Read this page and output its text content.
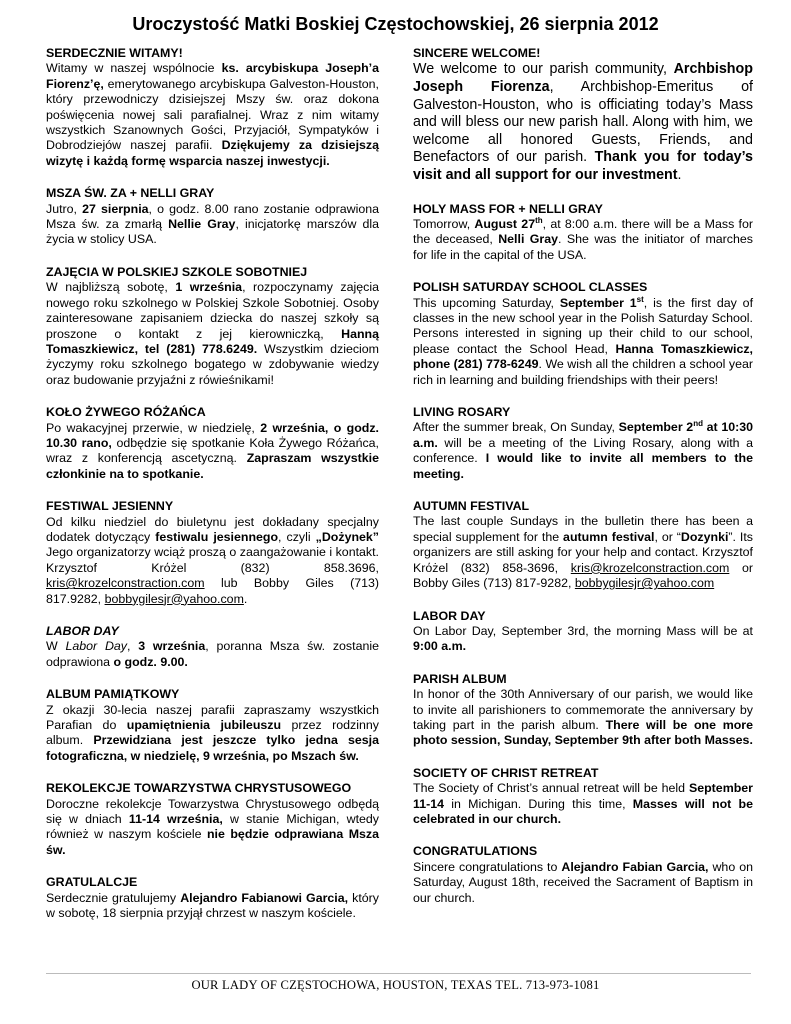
Uroczystość Matki Boskiej Częstochowskiej, 26 sierpnia 2012
SERDECZNIE WITAMY!
Witamy w naszej wspólnocie ks. arcybiskupa Joseph’a Fiorenz’ę, emerytowanego arcybiskupa Galveston-Houston, który przewodniczy dzisiejszej Mszy św. oraz dokona poświęcenia nowej sali parafialnej. Wraz z nim witamy wszystkich Szanownych Gości, Przyjaciół, Sympatyków i Dobrodziejów naszej parafii. Dziękujemy za dzisiejszą wizytę i każdą formę wsparcia naszej inwestycji.
MSZA ŚW. ZA + NELLI GRAY
Jutro, 27 sierpnia, o godz. 8.00 rano zostanie odprawiona Msza św. za zmarłą Nellie Gray, inicjatorkę marszów dla życia w stolicy USA.
ZAJĘCIA W POLSKIEJ SZKOLE SOBOTNIEJ
W najbliższą sobotę, 1 września, rozpoczynamy zajęcia nowego roku szkolnego w Polskiej Szkole Sobotniej. Osoby zainteresowane zapisaniem dziecka do naszej szkoły są proszone o kontakt z jej kierowniczką, Hanną Tomaszkiewicz, tel (281) 778.6249. Wszystkim dzieciom życzymy roku szkolnego bogatego w zdobywanie wiedzy oraz budowanie przyjaźni z rówieśnikami!
KOŁO ŻYWEGO RÓŻAŃCA
Po wakacyjnej przerwie, w niedzielę, 2 września, o godz. 10.30 rano, odbędzie się spotkanie Koła Żywego Różańca, wraz z konferencją ascetyczną. Zapraszam wszystkie członkinie na to spotkanie.
FESTIWAL JESIENNY
Od kilku niedziel do biuletynu jest dokładany specjalny dodatek dotyczący festiwalu jesiennego, czyli „Dożynek” Jego organizatorzy wciąż proszą o zaangażowanie i kontakt. Krzysztof Krόżel (832) 858.3696, kris@krozelconstraction.com lub Bobby Giles (713) 817.9282, bobbygilesjr@yahoo.com.
LABOR DAY
W Labor Day, 3 września, poranna Msza św. zostanie odprawiona o godz. 9.00.
ALBUM PAMIĄTKOWY
Z okazji 30-lecia naszej parafii zapraszamy wszystkich Parafian do upamiętnienia jubileuszu przez rodzinny album. Przewidziana jest jeszcze tylko jedna sesja fotograficzna, w niedzielę, 9 września, po Mszach św.
REKOLEKCJE TOWARZYSTWA CHRYSTUSOWEGO
Doroczne rekolekcje Towarzystwa Chrystusowego odbędą się w dniach 11-14 września, w stanie Michigan, wtedy również w naszym kościele nie będzie odprawiana Msza św.
GRATULALCJE
Serdecznie gratulujemy Alejandro Fabianowi Garcia, który w sobotę, 18 sierpnia przyjął chrzest w naszym kościele.
SINCERE WELCOME!
We welcome to our parish community, Archbishop Joseph Fiorenza, Archbishop-Emeritus of Galveston-Houston, who is officiating today’s Mass and will bless our new parish hall. Along with him, we welcome all honored Guests, Friends, and Benefactors of our parish. Thank you for today’s visit and all support for our investment.
HOLY MASS FOR + NELLI GRAY
Tomorrow, August 27th, at 8:00 a.m. there will be a Mass for the deceased, Nelli Gray. She was the initiator of marches for life in the capital of the USA.
POLISH SATURDAY SCHOOL CLASSES
This upcoming Saturday, September 1st, is the first day of classes in the new school year in the Polish Saturday School. Persons interested in signing up their child to our school, please contact the School Head, Hanna Tomaszkiewicz, phone (281) 778-6249. We wish all the children a school year rich in learning and building friendships with their peers!
LIVING ROSARY
After the summer break, On Sunday, September 2nd at 10:30 a.m. will be a meeting of the Living Rosary, along with a conference. I would like to invite all members to the meeting.
AUTUMN FESTIVAL
The last couple Sundays in the bulletin there has been a special supplement for the autumn festival, or “Dozynki”. Its organizers are still asking for your help and contact. Krzysztof Krόżel (832) 858-3696, kris@krozelconstraction.com or Bobby Giles (713) 817-9282, bobbygilesjr@yahoo.com
LABOR DAY
On Labor Day, September 3rd, the morning Mass will be at 9:00 a.m.
PARISH ALBUM
In honor of the 30th Anniversary of our parish, we would like to invite all parishioners to commemorate the anniversary by taking part in the parish album. There will be one more photo session, Sunday, September 9th after both Masses.
SOCIETY OF CHRIST RETREAT
The Society of Christ’s annual retreat will be held September 11-14 in Michigan. During this time, Masses will not be celebrated in our church.
CONGRATULATIONS
Sincere congratulations to Alejandro Fabian Garcia, who on Saturday, August 18th, received the Sacrament of Baptism in our church.
OUR LADY OF CZĘSTOCHOWA, HOUSTON, TEXAS TEL. 713-973-1081
